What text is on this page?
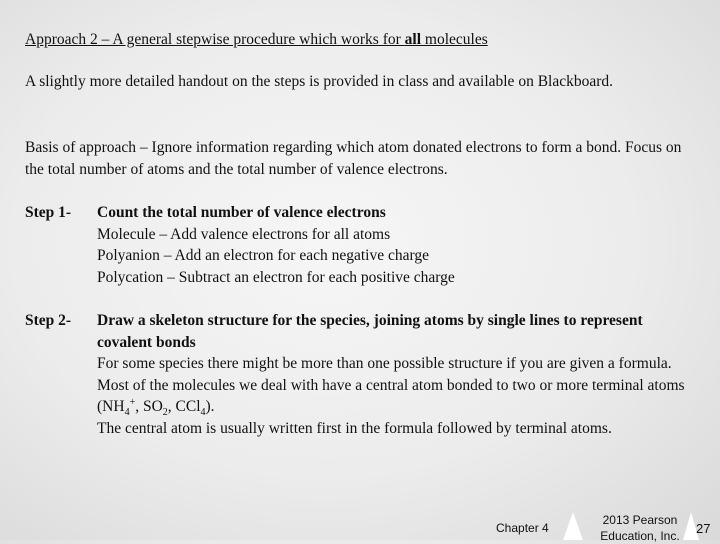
Approach 2 – A general stepwise procedure which works for all molecules
A slightly more detailed handout on the steps is provided in class and available on Blackboard.
Basis of approach – Ignore information regarding which atom donated electrons to form a bond. Focus on the total number of atoms and the total number of valence electrons.
Step 1- Count the total number of valence electrons
Molecule – Add valence electrons for all atoms
Polyanion – Add an electron for each negative charge
Polycation – Subtract an electron for each positive charge
Step 2- Draw a skeleton structure for the species, joining atoms by single lines to represent covalent bonds
For some species there might be more than one possible structure if you are given a formula.
Most of the molecules we deal with have a central atom bonded to two or more terminal atoms ($NH_4^+$, $SO_2$, CCl$_4$).
The central atom is usually written first in the formula followed by terminal atoms.
Chapter 4
2013 Pearson Education, Inc.	27
